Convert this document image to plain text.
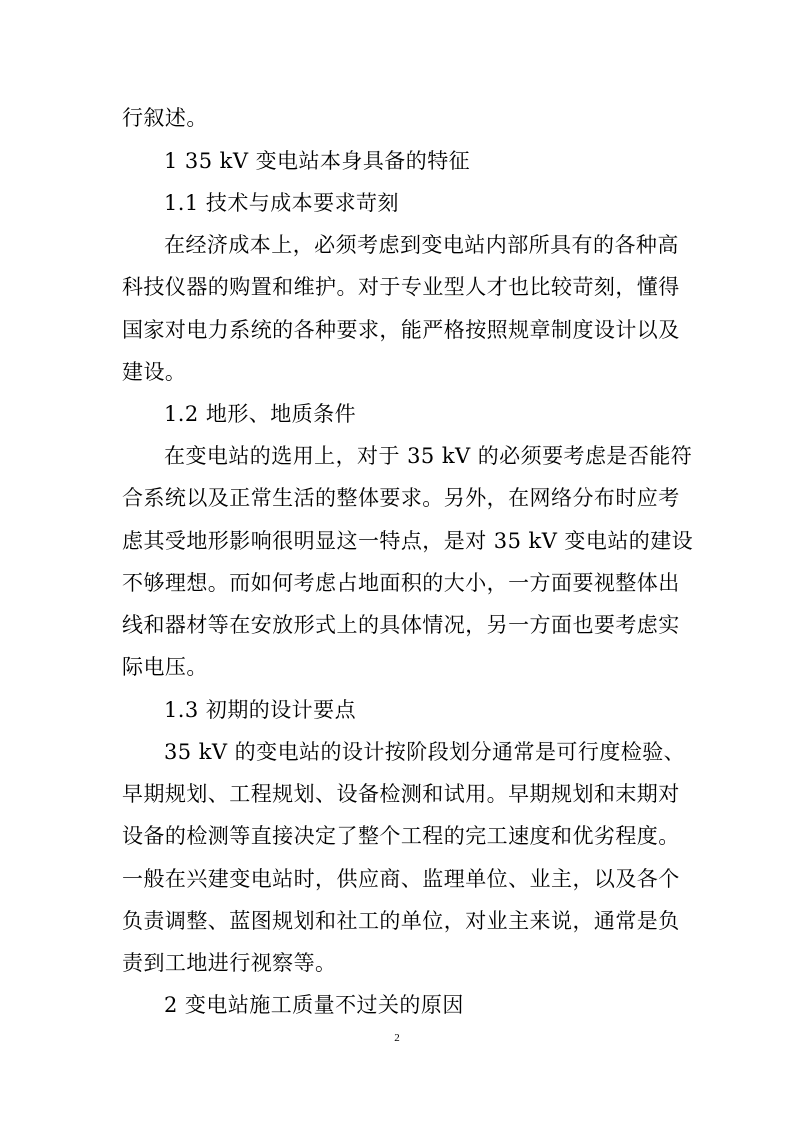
行叙述。
1 35 kV 变电站本身具备的特征
1.1 技术与成本要求苛刻
在经济成本上，必须考虑到变电站内部所具有的各种高
科技仪器的购置和维护。对于专业型人才也比较苛刻，懂得
国家对电力系统的各种要求，能严格按照规章制度设计以及
建设。
1.2 地形、地质条件
在变电站的选用上，对于 35 kV 的必须要考虑是否能符
合系统以及正常生活的整体要求。另外，在网络分布时应考
虑其受地形影响很明显这一特点，是对 35 kV 变电站的建设
不够理想。而如何考虑占地面积的大小，一方面要视整体出
线和器材等在安放形式上的具体情况，另一方面也要考虑实
际电压。
1.3 初期的设计要点
35 kV 的变电站的设计按阶段划分通常是可行度检验、
早期规划、工程规划、设备检测和试用。早期规划和末期对
设备的检测等直接决定了整个工程的完工速度和优劣程度。
一般在兴建变电站时，供应商、监理单位、业主，以及各个
负责调整、蓝图规划和社工的单位，对业主来说，通常是负
责到工地进行视察等。
2 变电站施工质量不过关的原因
2
